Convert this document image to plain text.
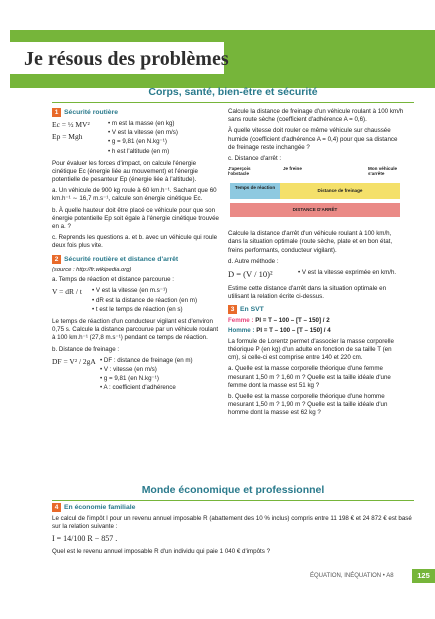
Je résous des problèmes
Corps, santé, bien-être et sécurité
1 Sécurité routière
Ec = ½ MV²
Ep = Mgh
• m est la masse (en kg)
• V est la vitesse (en m/s)
• g = 9,81 (en N.kg⁻¹)
• h est l'altitude (en m)

Pour évaluer les forces d'impact, on calcule l'énergie cinétique Ec (énergie liée au mouvement) et l'énergie potentielle de pesanteur Ep (énergie liée à l'altitude).

a. Un véhicule de 900 kg roule à 60 km.h⁻¹. Sachant que 60 km.h⁻¹ ∼ 16,7 m.s⁻¹, calcule son énergie cinétique Ec.

b. À quelle hauteur doit être placé ce véhicule pour que son énergie potentielle Ep soit égale à l'énergie cinétique trouvée en a. ?

c. Reprends les questions a. et b. avec un véhicule qui roule deux fois plus vite.

2 Sécurité routière et distance d'arrêt
(source : http://fr.wikipedia.org)

a. Temps de réaction et distance parcourue :

V = dR / t	• V est la vitesse (en m.s⁻¹)
• dR est la distance de réaction (en m)
• t est le temps de réaction (en s)

Le temps de réaction d'un conducteur vigilant est d'environ 0,75 s. Calcule la distance parcourue par un véhicule roulant à 100 km.h⁻¹ (27,8 m.s⁻¹) pendant ce temps de réaction.

b. Distance de freinage :

DF = V² / 2gA	• DF : distance de freinage (en m)
• V : vitesse (en m/s)
• g = 9,81 (en N.kg⁻¹)
• A : coefficient d'adhérence

Calcule la distance de freinage d'un véhicule roulant à 100 km/h sans route sèche (coefficient d'adhérence A = 0,6).

À quelle vitesse doit rouler ce même véhicule sur chaussée humide (coefficient d'adhérence A = 0,4) pour que sa distance de freinage reste inchangée ?

c. Distance d'arrêt :

J'aperçois l'obstacle
Je freine	Mon véhicule s'arrête
Temps de réaction
Distance de freinage
DISTANCE D'ARRÊT

Calcule la distance d'arrêt d'un véhicule roulant à 100 km/h, dans la situation optimale (route sèche, plate et en bon état, freins performants, conducteur vigilant).

d. Autre méthode :

D = (V / 10)²	• V est la vitesse exprimée en km/h.

Estime cette distance d'arrêt dans la situation optimale en utilisant la relation écrite ci-dessus.

3 En SVT
Femme : PI = T – 100 – [T – 150] / 2
Homme : PI = T – 100 – [T – 150] / 4

La formule de Lorentz permet d'associer la masse corporelle théorique P (en kg) d'un adulte en fonction de sa taille T (en cm), si celle-ci est comprise entre 140 et 220 cm.

a. Quelle est la masse corporelle théorique d'une femme mesurant 1,50 m ? 1,60 m ? Quelle est la taille idéale d'une femme dont la masse est 51 kg ?

b. Quelle est la masse corporelle théorique d'une homme mesurant 1,50 m ? 1,90 m ? Quelle est la taille idéale d'un homme dont la masse est 62 kg ?

Monde économique et professionnel
4 En économie familiale

Le calcul de l'impôt I pour un revenu annuel imposable R (abattement des 10 % inclus) compris entre 11 198 € et 24 872 € est basé sur la relation suivante :

I = 14/100 R − 857 .

Quel est le revenu annuel imposable R d'un individu qui paie 1 040 € d'impôts ?

ÉQUATION, INÉQUATION • A8	125
